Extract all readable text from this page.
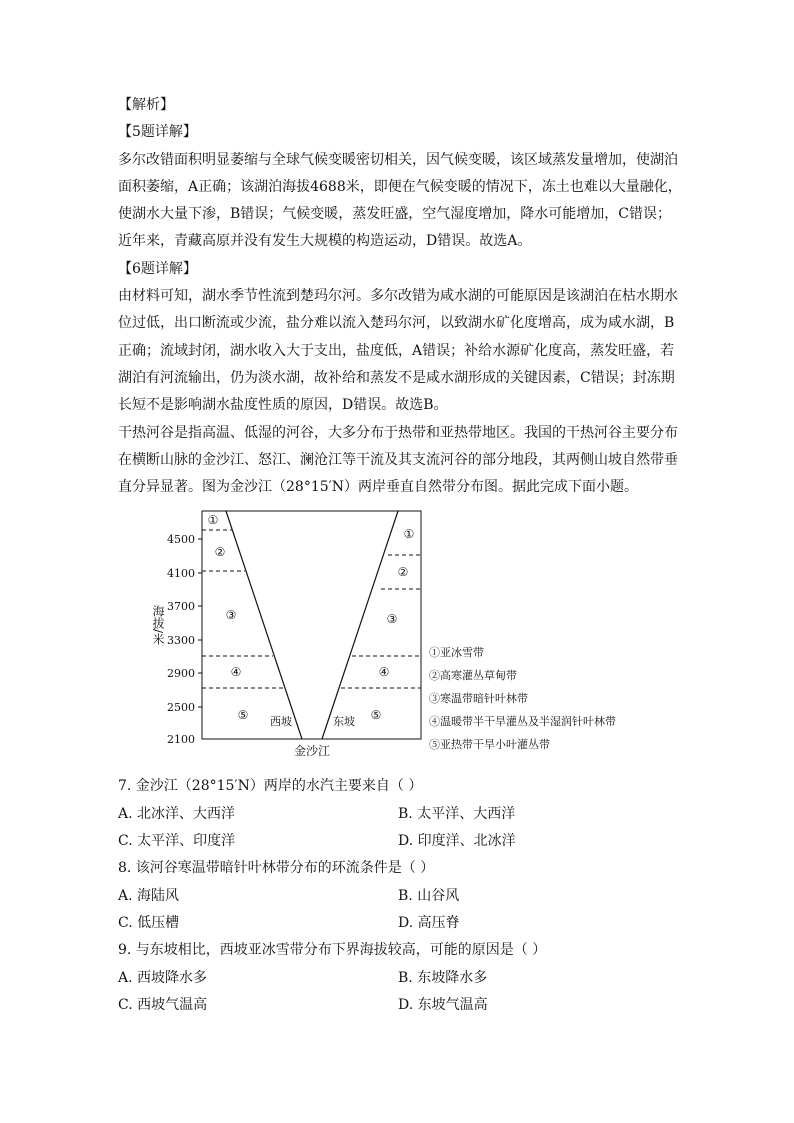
【解析】
【5题详解】
多尔改错面积明显萎缩与全球气候变暖密切相关，因气候变暖，该区域蒸发量增加，使湖泊
面积萎缩，A正确；该湖泊海拔4688米，即便在气候变暖的情况下，冻土也难以大量融化，
使湖水大量下渗，B错误；气候变暖，蒸发旺盛，空气湿度增加，降水可能增加，C错误；
近年来，青藏高原并没有发生大规模的构造运动，D错误。故选A。
【6题详解】
由材料可知，湖水季节性流到楚玛尔河。多尔改错为咸水湖的可能原因是该湖泊在枯水期水
位过低，出口断流或少流，盐分难以流入楚玛尔河，以致湖水矿化度增高，成为咸水湖，B
正确；流域封闭，湖水收入大于支出，盐度低，A错误；补给水源矿化度高，蒸发旺盛，若
湖泊有河流输出，仍为淡水湖，故补给和蒸发不是咸水湖形成的关键因素，C错误；封冻期
长短不是影响湖水盐度性质的原因，D错误。故选B。
干热河谷是指高温、低湿的河谷，大多分布于热带和亚热带地区。我国的干热河谷主要分布
在横断山脉的金沙江、怒江、澜沧江等干流及其支流河谷的部分地段，其两侧山坡自然带垂
直分异显著。图为金沙江（28°15′N）两岸垂直自然带分布图。据此完成下面小题。
4500
4100
3700
3300
2900
2500
2100
海拔/米
①
②
③
④
⑤
①
②
③
④
⑤
西坡	东坡
金沙江
①亚冰雪带
②高寒灌丛草甸带
③寒温带暗针叶林带
④温暖带半干旱灌丛及半湿润针叶林带
⑤亚热带干旱小叶灌丛带
7. 金沙江（28°15′N）两岸的水汽主要来自（ ）
A. 北冰洋、大西洋	B. 太平洋、大西洋
C. 太平洋、印度洋	D. 印度洋、北冰洋
8. 该河谷寒温带暗针叶林带分布的环流条件是（ ）
A. 海陆风	B. 山谷风
C. 低压槽	D. 高压脊
9. 与东坡相比，西坡亚冰雪带分布下界海拔较高，可能的原因是（ ）
A. 西坡降水多	B. 东坡降水多
C. 西坡气温高	D. 东坡气温高
